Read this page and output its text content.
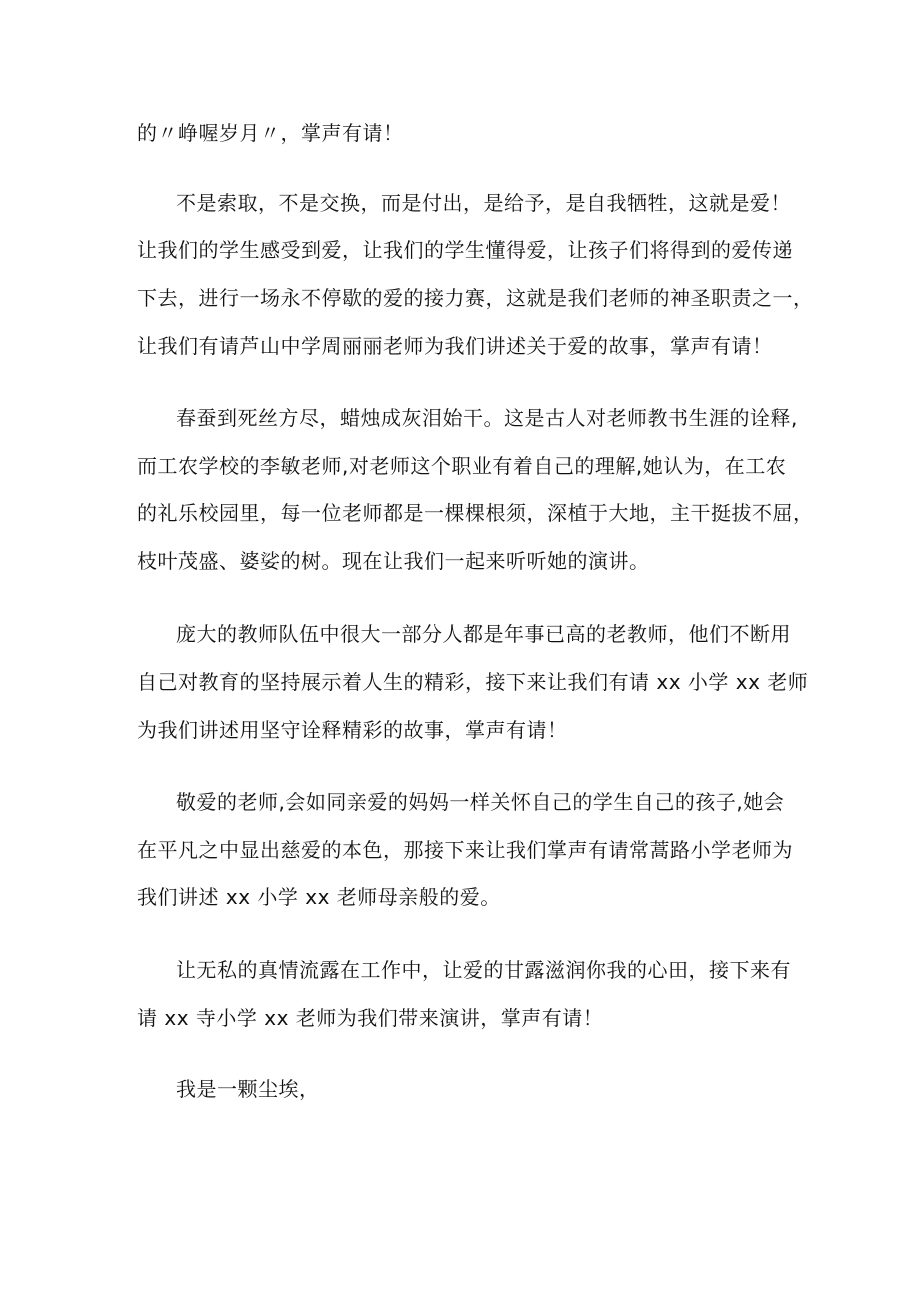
的〃峥喔岁月〃，掌声有请！
不是索取，不是交换，而是付出，是给予，是自我牺牲，这就是爱！
让我们的学生感受到爱，让我们的学生懂得爱，让孩子们将得到的爱传递
下去，进行一场永不停歇的爱的接力赛，这就是我们老师的神圣职责之一，
让我们有请芦山中学周丽丽老师为我们讲述关于爱的故事，掌声有请！
春蚕到死丝方尽，蜡烛成灰泪始干。这是古人对老师教书生涯的诠释,
而工农学校的李敏老师,对老师这个职业有着自己的理解,她认为，在工农
的礼乐校园里，每一位老师都是一棵棵根须，深植于大地，主干挺拔不屈，
枝叶茂盛、婆娑的树。现在让我们一起来听听她的演讲。
庞大的教师队伍中很大一部分人都是年事已高的老教师，他们不断用
自己对教育的坚持展示着人生的精彩，接下来让我们有请 xx 小学 xx 老师
为我们讲述用坚守诠释精彩的故事，掌声有请！
敬爱的老师,会如同亲爱的妈妈一样关怀自己的学生自己的孩子,她会
在平凡之中显出慈爱的本色，那接下来让我们掌声有请常蒿路小学老师为
我们讲述 xx 小学 xx 老师母亲般的爱。
让无私的真情流露在工作中，让爱的甘露滋润你我的心田，接下来有
请 xx 寺小学 xx 老师为我们带来演讲，掌声有请！
我是一颗尘埃，
